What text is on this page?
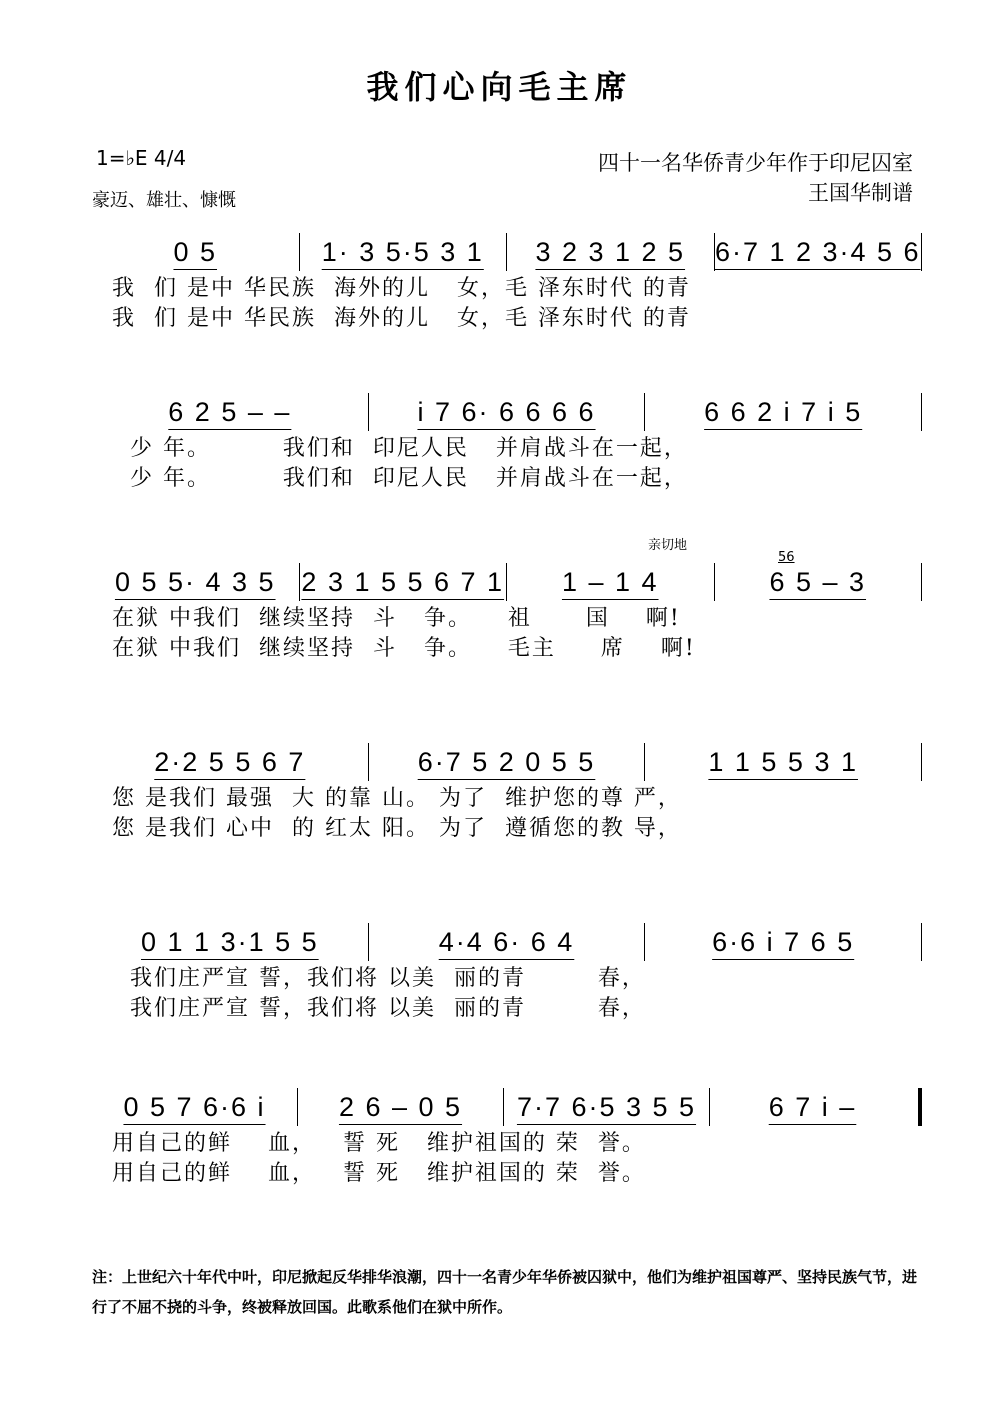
我们心向毛主席
1=♭E 4/4
豪迈、雄壮、慷慨
四十一名华侨青少年作于印尼囚室
王国华制谱
亲切地
56
0 5	1· 3 5·5 3 1	3 2 3 1 2 5	6·7 1 2 3·4 5 6
我  们 是中 华民族  海外的儿   女，毛 泽东时代 的青
我  们 是中 华民族  海外的儿   女，毛 泽东时代 的青
6 2 5 – –	i 7 6· 6 6 6 6	6 6 2 i 7 i 5
少 年。        我们和  印尼人民   并肩战斗在一起，
少 年。        我们和  印尼人民   并肩战斗在一起，
0 5 5· 4 3 5 2 3 1 5 5 6 7 1	1 – 1 4	6 5 – 3
在狱 中我们  继续坚持  斗   争。    祖      国    啊!
在狱 中我们  继续坚持  斗   争。    毛主     席    啊!
2·2 5 5 6 7	6·7 5 2 0 5 5	1 1 5 5 3 1
您 是我们 最强  大 的靠 山。 为了  维护您的尊 严，
您 是我们 心中  的 红太 阳。 为了  遵循您的教 导，
0 1 1 3·1 5 5	4·4 6· 6 4	6·6 i 7 6 5
我们庄严宣 誓，我们将 以美  丽的青        春，
我们庄严宣 誓，我们将 以美  丽的青        春，
0 5 7 6·6 i	2 6 – 0 5	7·7 6·5 3 5 5	6 7 i –
用自己的鲜    血，   誓 死   维护祖国的 荣  誉。
用自己的鲜    血，   誓 死   维护祖国的 荣  誉。
注：上世纪六十年代中叶，印尼掀起反华排华浪潮，四十一名青少年华侨被囚狱中，他们为维护祖国尊严、坚持民族气节，进行了不屈不挠的斗争，终被释放回国。此歌系他们在狱中所作。
